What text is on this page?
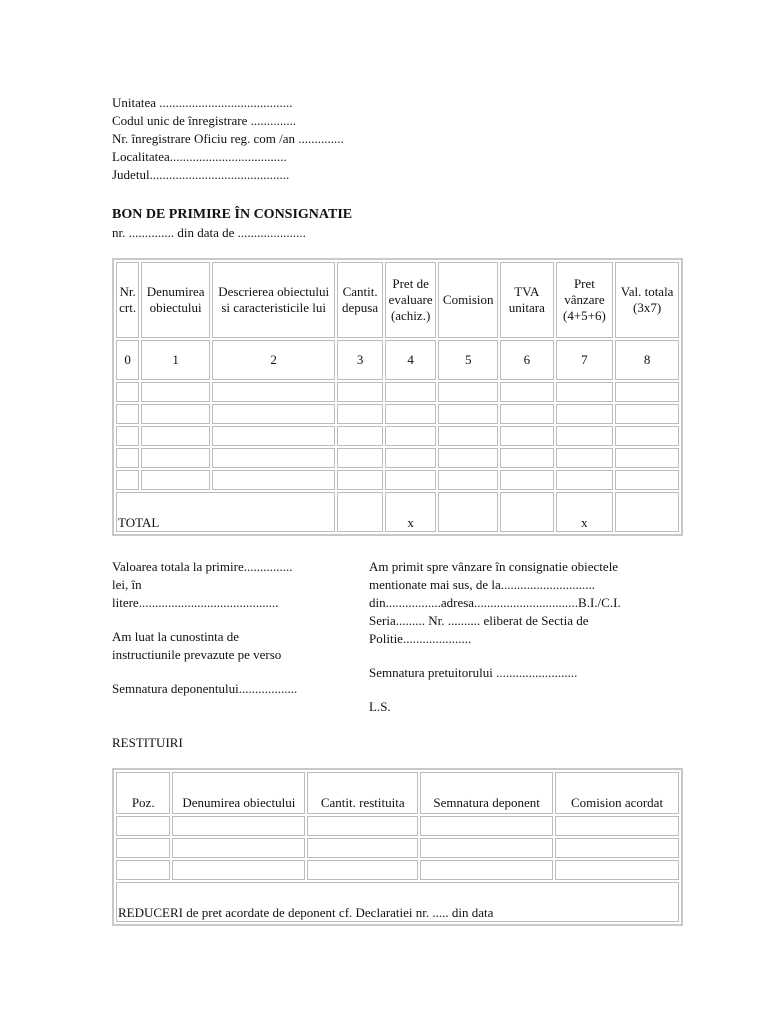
Unitatea .........................................
Codul unic de înregistrare ..............
Nr. înregistrare Oficiu reg. com /an ..............
Localitatea....................................
Judetul...........................................
BON DE PRIMIRE ÎN CONSIGNATIE
nr. .............. din data de .....................
Nr. crt.	Denumirea obiectului	Descrierea obiectului si caracteristicile lui	Cantit. depusa	Pret de evaluare (achiz.)	Comision	TVA unitara	Pret vânzare (4+5+6)	Val. totala (3x7)
0	1	2	3	4	5	6	7	8

TOTAL				x			x	
Valoarea totala la primire...............
lei, în
litere...........................................
Am luat la cunostinta de
instructiunile prevazute pe verso
Semnatura deponentului..................
Am primit spre vânzare în consignatie obiectele
mentionate mai sus, de la.............................
din.................adresa................................B.I./C.I.
Seria......... Nr. .......... eliberat de Sectia de
Politie.....................
Semnatura pretuitorului .........................
L.S.
RESTITUIRI
Poz.	Denumirea obiectului	Cantit. restituita	Semnatura deponent	Comision acordat

REDUCERI de pret acordate de deponent cf. Declaratiei nr. ..... din data				
